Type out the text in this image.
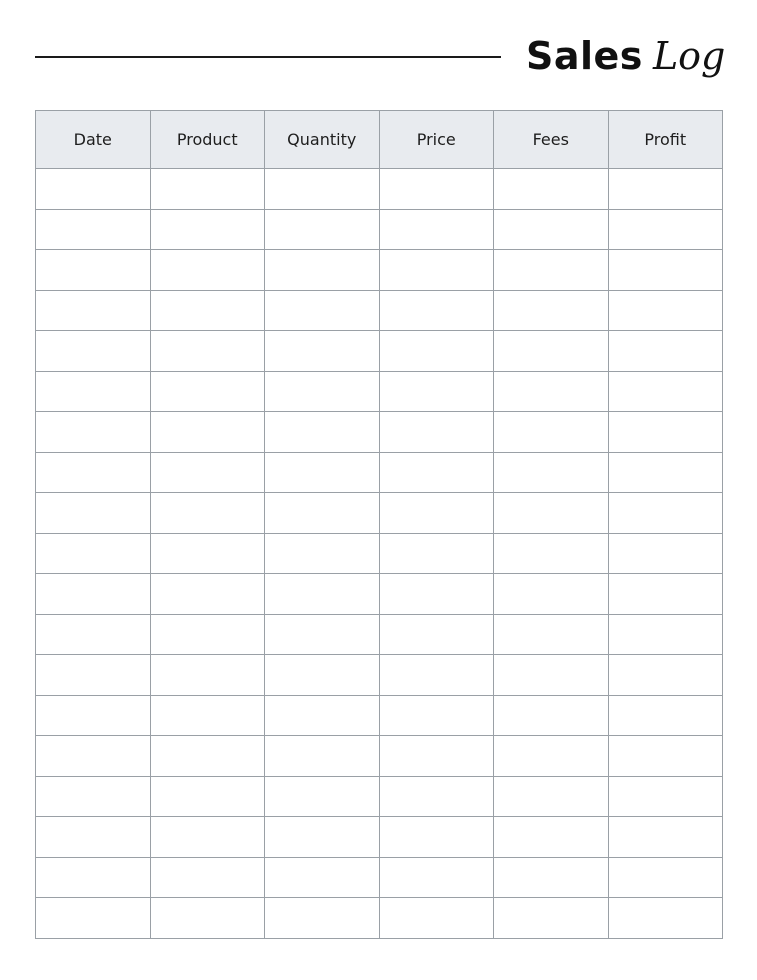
Sales Log
Date	Product	Quantity	Price	Fees	Profit
